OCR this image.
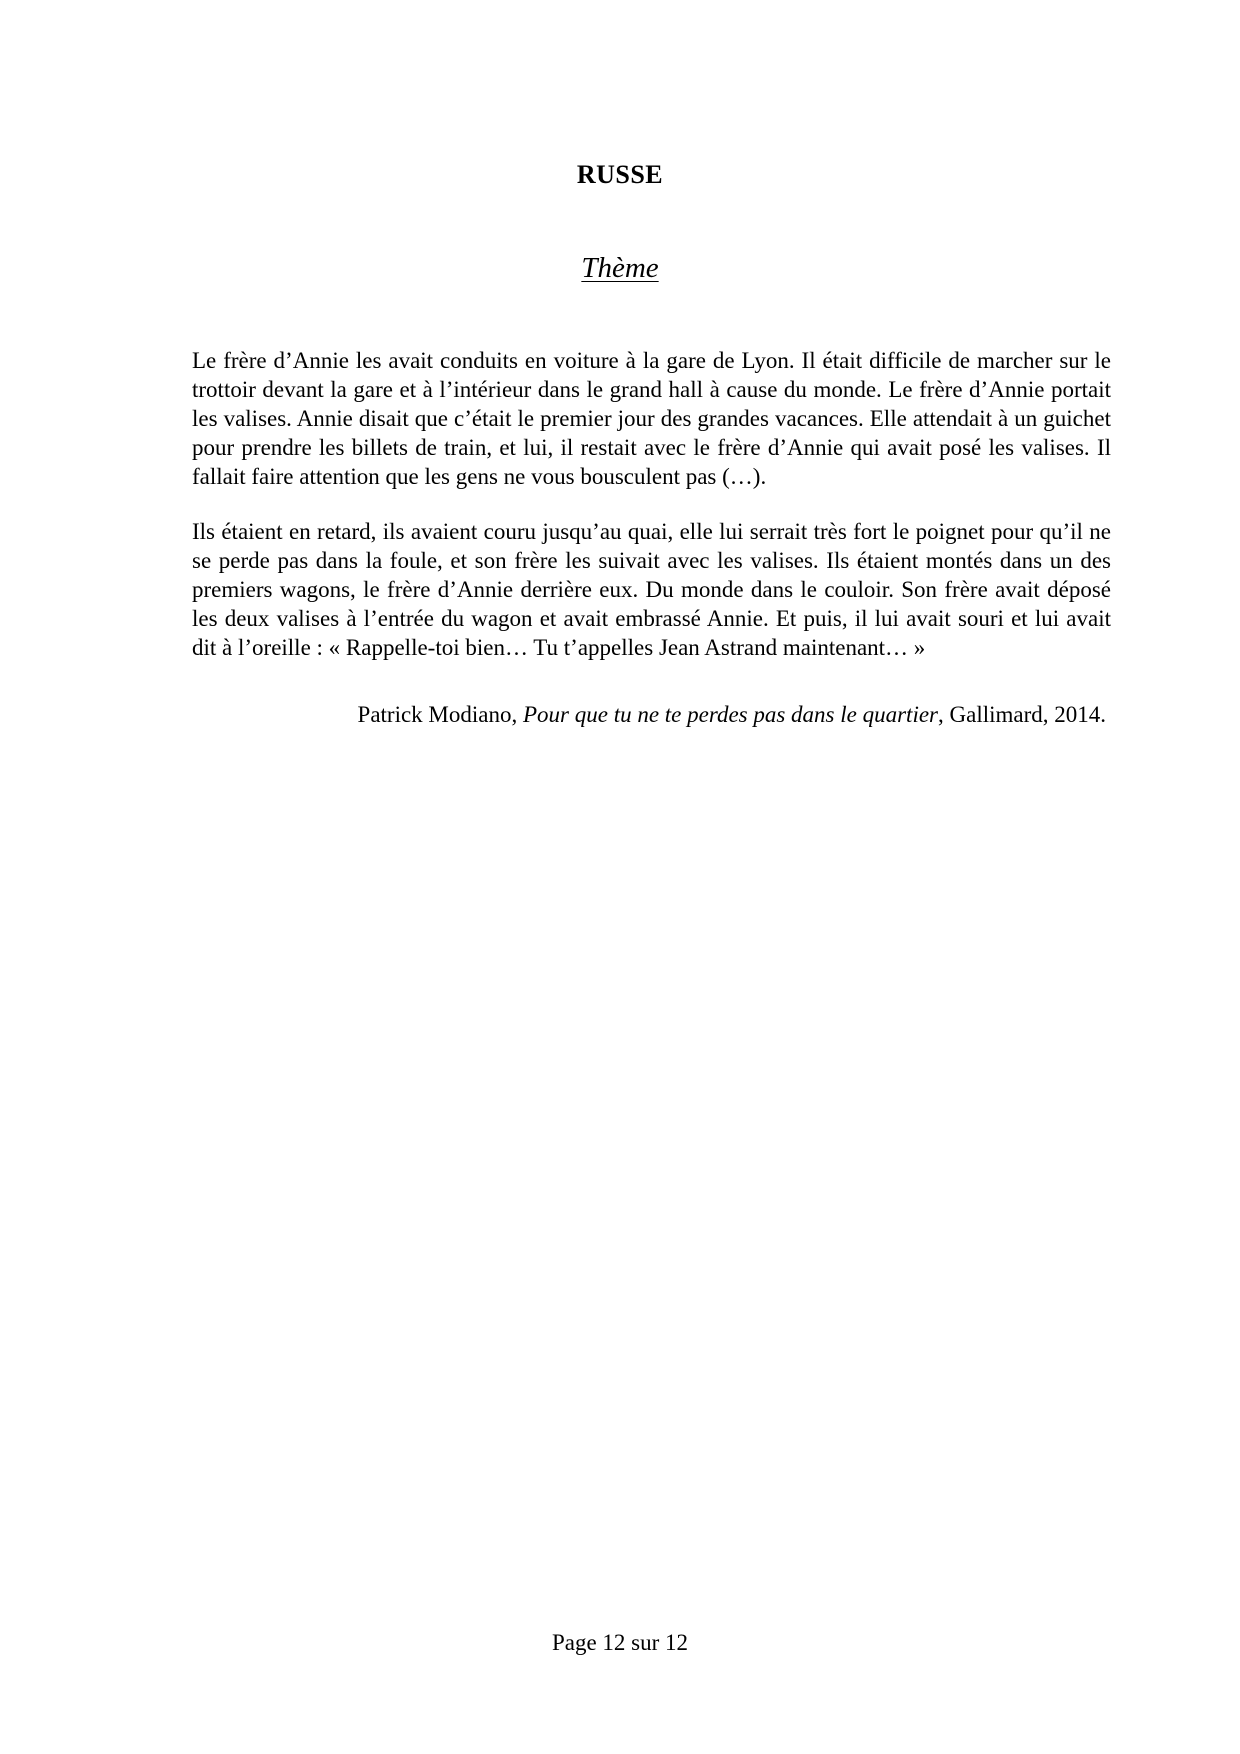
RUSSE
Thème

Le frère d’Annie les avait conduits en voiture à la gare de Lyon. Il était difficile de marcher sur le trottoir devant la gare et à l’intérieur dans le grand hall à cause du monde. Le frère d’Annie portait les valises. Annie disait que c’était le premier jour des grandes vacances. Elle attendait à un guichet pour prendre les billets de train, et lui, il restait avec le frère d’Annie qui avait posé les valises. Il fallait faire attention que les gens ne vous bousculent pas (…).

Ils étaient en retard, ils avaient couru jusqu’au quai, elle lui serrait très fort le poignet pour qu’il ne se perde pas dans la foule, et son frère les suivait avec les valises. Ils étaient montés dans un des premiers wagons, le frère d’Annie derrière eux. Du monde dans le couloir. Son frère avait déposé les deux valises à l’entrée du wagon et avait embrassé Annie. Et puis, il lui avait souri et lui avait dit à l’oreille : « Rappelle-toi bien… Tu t’appelles Jean Astrand maintenant… »

Patrick Modiano, Pour que tu ne te perdes pas dans le quartier, Gallimard, 2014.

Page 12 sur 12
